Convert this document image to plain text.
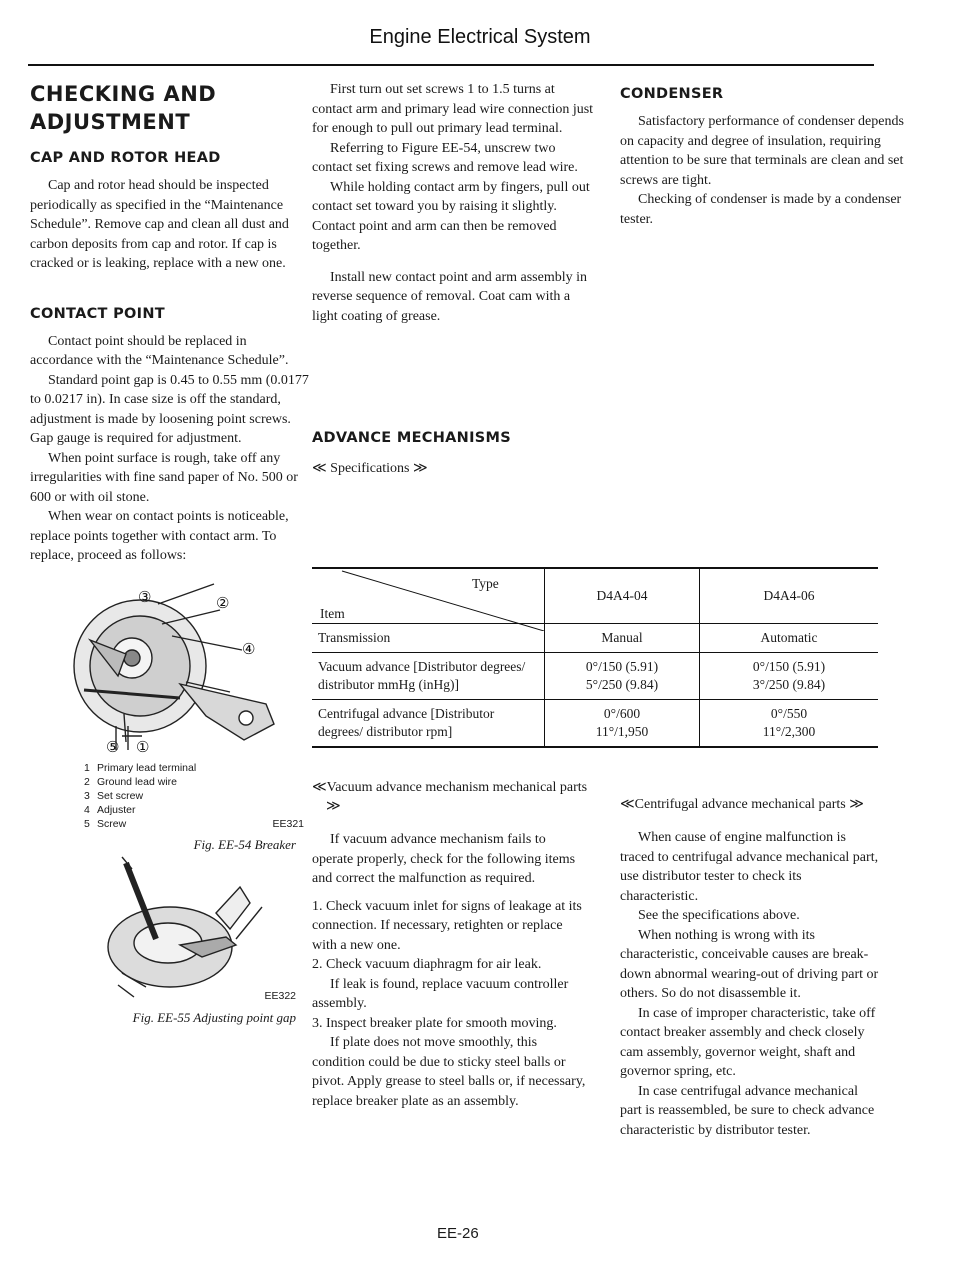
Engine Electrical System
CHECKING AND ADJUSTMENT
CAP AND ROTOR HEAD

Cap and rotor head should be inspected periodically as specified in the “Maintenance Schedule”. Remove cap and clean all dust and carbon deposits from cap and rotor. If cap is cracked or is leaking, replace with a new one.

CONTACT POINT

Contact point should be replaced in accordance with the “Maintenance Schedule”.

Standard point gap is 0.45 to 0.55 mm (0.0177 to 0.0217 in). In case size is off the standard, adjustment is made by loosening point screws. Gap gauge is required for adjustment.

When point surface is rough, take off any irregularities with fine sand paper of No. 500 or 600 or with oil stone.

When wear on contact points is noticeable, replace points together with contact arm. To replace, proceed as follows:

③	②
④
⑤ ①
1 Primary lead terminal
2 Ground lead wire
3 Set screw
4 Adjuster
5 Screw	EE321
Fig. EE-54 Breaker
EE322
Fig. EE-55 Adjusting point gap

First turn out set screws 1 to 1.5 turns at contact arm and primary lead wire connection just for enough to pull out primary lead terminal.

Referring to Figure EE-54, unscrew two contact set fixing screws and remove lead wire.

While holding contact arm by fingers, pull out contact set toward you by raising it slightly. Contact point and arm can then be removed together.

Install new contact point and arm assembly in reverse sequence of removal. Coat cam with a light coating of grease.

ADVANCE MECHANISMS
≪ Specifications ≫
CONDENSER

Satisfactory performance of condenser depends on capacity and degree of insulation, requiring attention to be sure that terminals are clean and set screws are tight.

Checking of condenser is made by a condenser tester.

Type
Item	D4A4-04	D4A4-06
Transmission	Manual	Automatic
Vacuum advance [Distributor degrees/ distributor mmHg (inHg)]	0°/150 (5.91)
5°/250 (9.84)	0°/150 (5.91)
3°/250 (9.84)
Centrifugal advance [Distributor degrees/ distributor rpm]	0°/600
11°/1,950	0°/550
11°/2,300
≪Vacuum advance mechanism mechanical parts ≫

If vacuum advance mechanism fails to operate properly, check for the following items and correct the malfunction as required.

1. Check vacuum inlet for signs of leakage at its connection. If necessary, retighten or replace with a new one.

2. Check vacuum diaphragm for air leak.

If leak is found, replace vacuum controller assembly.

3. Inspect breaker plate for smooth moving.

If plate does not move smoothly, this condition could be due to sticky steel balls or pivot. Apply grease to steel balls or, if necessary, replace breaker plate as an assembly.

≪Centrifugal advance mechanical parts ≫

When cause of engine malfunction is traced to centrifugal advance mechanical part, use distributor tester to check its characteristic.

See the specifications above.

When nothing is wrong with its characteristic, conceivable causes are break-down abnormal wearing-out of driving part or others. So do not disassemble it.

In case of improper characteristic, take off contact breaker assembly and check closely cam assembly, governor weight, shaft and governor spring, etc.

In case centrifugal advance mechanical part is reassembled, be sure to check advance characteristic by distributor tester.

EE-26
